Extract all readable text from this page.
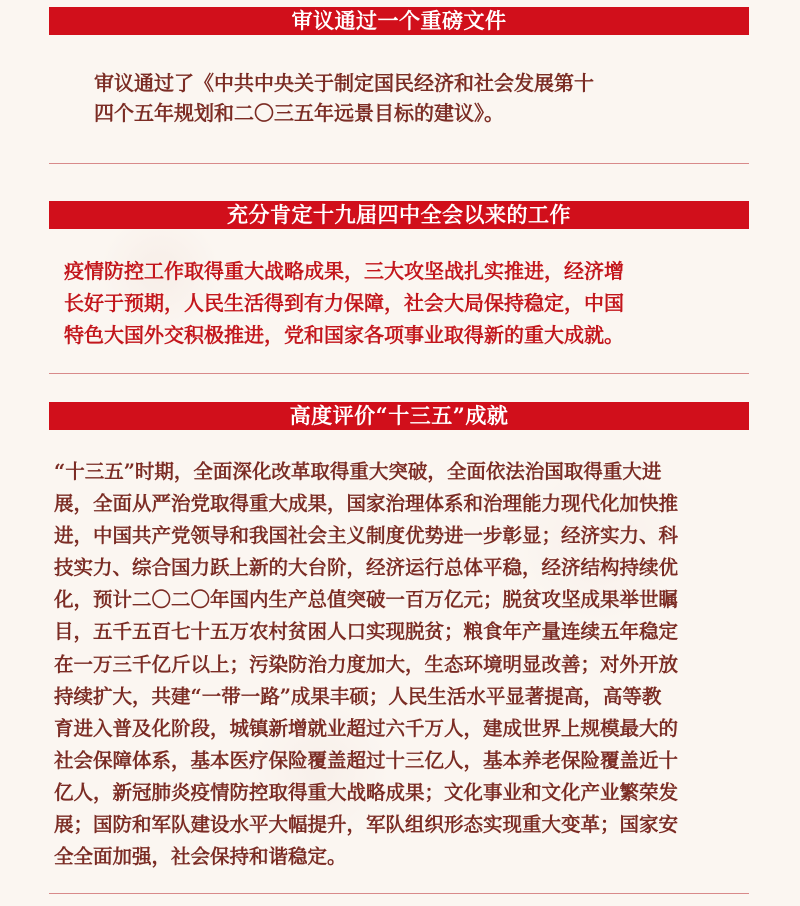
审议通过一个重磅文件
审议通过了《中共中央关于制定国民经济和社会发展第十
四个五年规划和二〇三五年远景目标的建议》。
充分肯定十九届四中全会以来的工作
疫情防控工作取得重大战略成果，三大攻坚战扎实推进，经济增
长好于预期，人民生活得到有力保障，社会大局保持稳定，中国
特色大国外交积极推进，党和国家各项事业取得新的重大成就。
高度评价“十三五”成就
“十三五”时期，全面深化改革取得重大突破，全面依法治国取得重大进
展，全面从严治党取得重大成果，国家治理体系和治理能力现代化加快推
进，中国共产党领导和我国社会主义制度优势进一步彰显；经济实力、科
技实力、综合国力跃上新的大台阶，经济运行总体平稳，经济结构持续优
化，预计二〇二〇年国内生产总值突破一百万亿元；脱贫攻坚成果举世瞩
目，五千五百七十五万农村贫困人口实现脱贫；粮食年产量连续五年稳定
在一万三千亿斤以上；污染防治力度加大，生态环境明显改善；对外开放
持续扩大，共建“一带一路”成果丰硕；人民生活水平显著提高，高等教
育进入普及化阶段，城镇新增就业超过六千万人，建成世界上规模最大的
社会保障体系，基本医疗保险覆盖超过十三亿人，基本养老保险覆盖近十
亿人，新冠肺炎疫情防控取得重大战略成果；文化事业和文化产业繁荣发
展；国防和军队建设水平大幅提升，军队组织形态实现重大变革；国家安
全全面加强，社会保持和谐稳定。
